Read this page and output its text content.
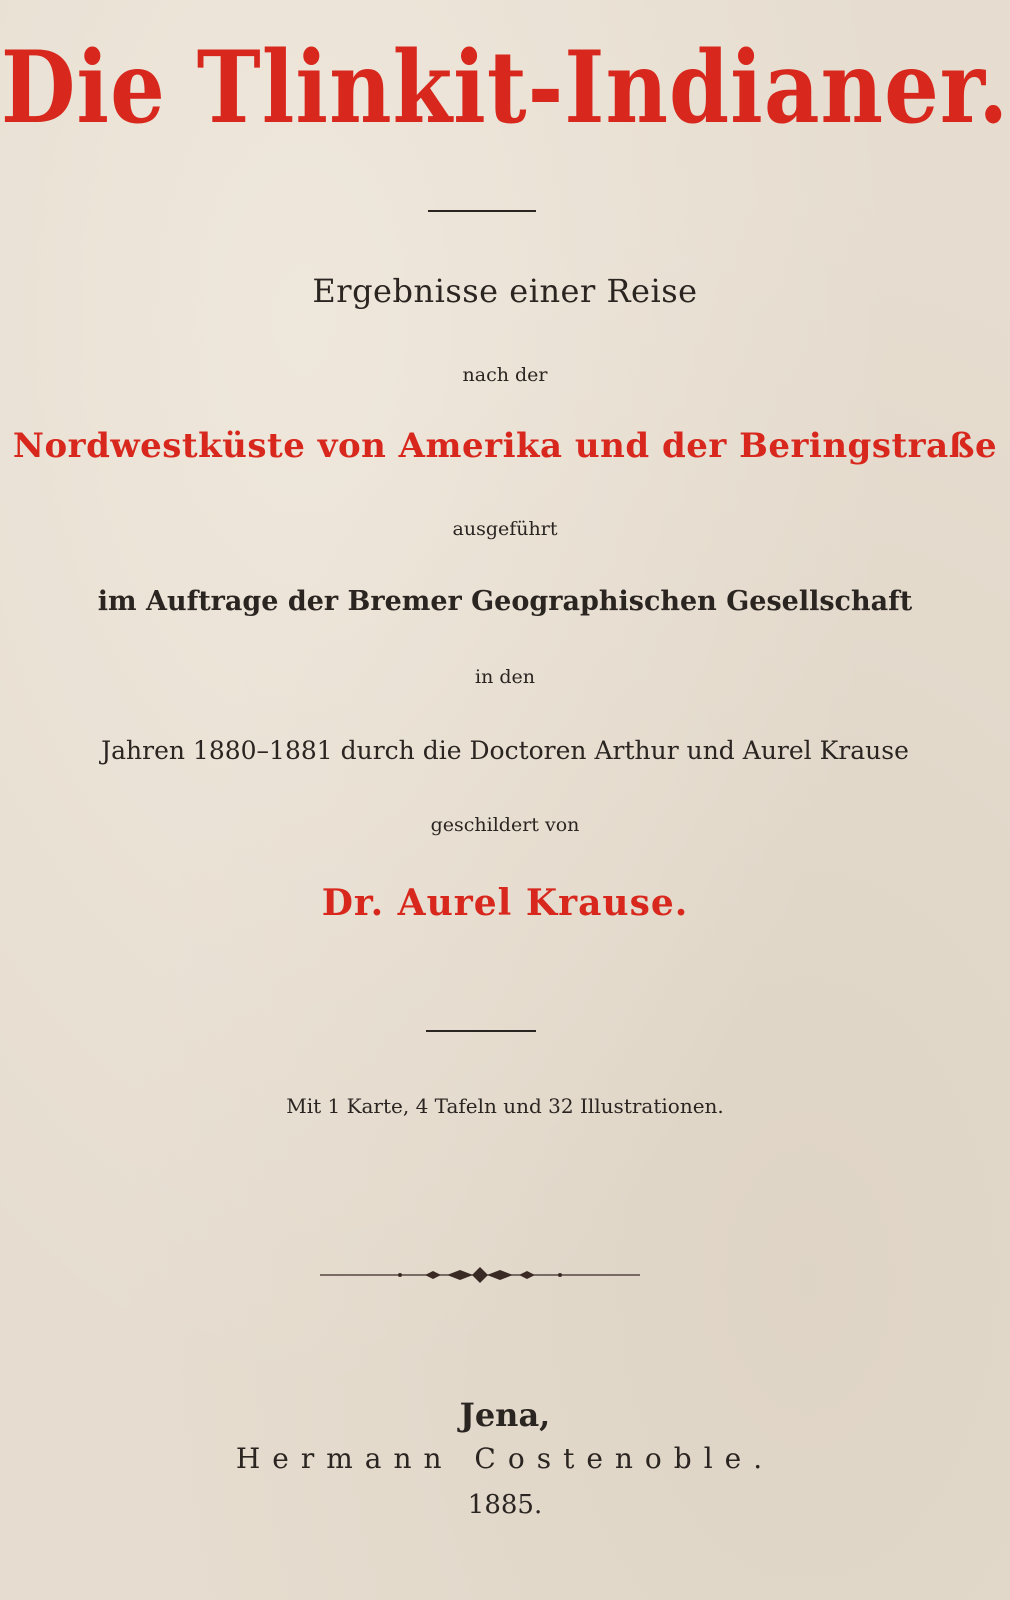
Die Tlinkit-Indianer.
Ergebnisse einer Reise
nach der
Nordwestküste von Amerika und der Beringstraße
ausgeführt
im Auftrage der Bremer Geographischen Gesellschaft
in den
Jahren 1880–1881 durch die Doctoren Arthur und Aurel Krause
geschildert von
Dr. Aurel Krause.
Mit 1 Karte, 4 Tafeln und 32 Illustrationen.
Jena,
Hermann Costenoble.
1885.
